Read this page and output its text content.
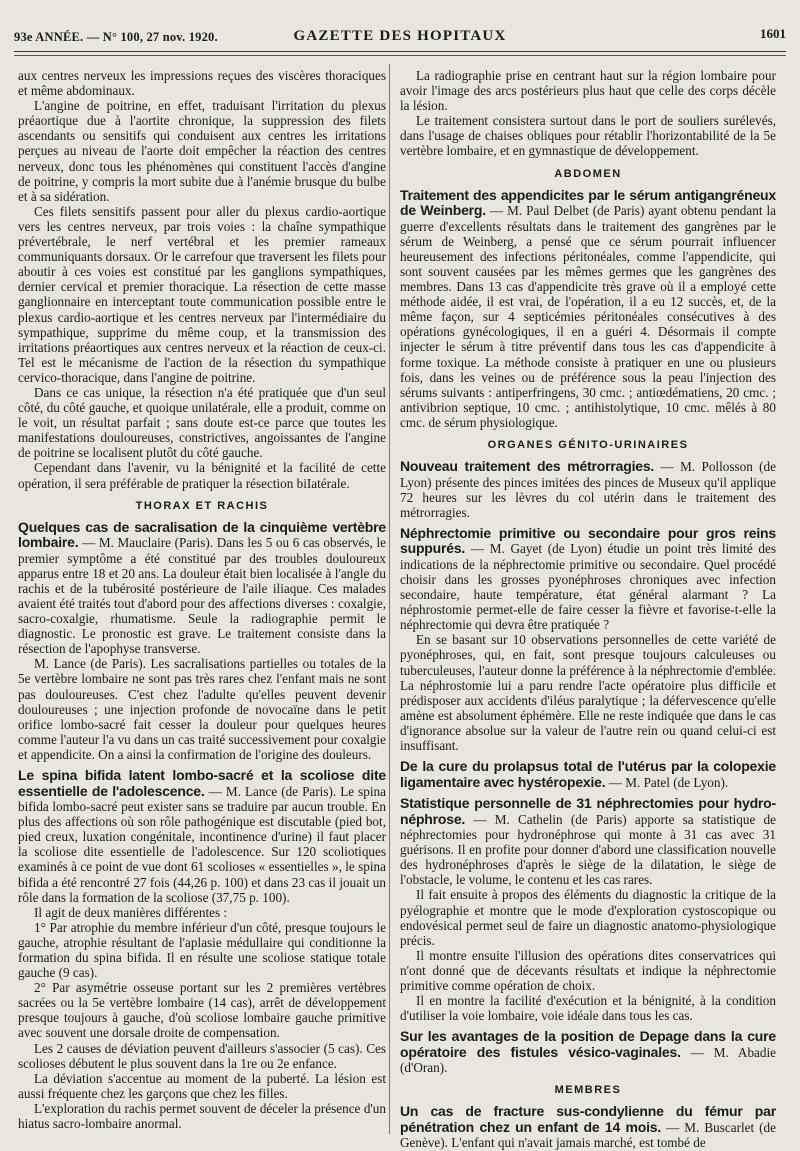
93e ANNÉE. — N° 100, 27 nov. 1920.	GAZETTE DES HOPITAUX	1601

aux centres nerveux les impressions reçues des viscères thoraciques et même abdominaux.

L'angine de poitrine, en effet, traduisant l'irritation du plexus préaortique due à l'aortite chronique, la suppression des filets ascendants ou sensitifs qui conduisent aux centres les irritations perçues au niveau de l'aorte doit empêcher la réaction des centres nerveux, donc tous les phénomènes qui constituent l'accès d'angine de poitrine, y compris la mort subite due à l'anémie brusque du bulbe et à sa sidération.

Ces filets sensitifs passent pour aller du plexus cardio-aortique vers les centres nerveux, par trois voies : la chaîne sympathique prévertébrale, le nerf vertébral et les premier rameaux communiquants dorsaux. Or le carrefour que traversent les filets pour aboutir à ces voies est constitué par les ganglions sympathiques, dernier cervical et premier thoracique. La résection de cette masse ganglionnaire en interceptant toute communication possible entre le plexus cardio-aortique et les centres nerveux par l'intermédiaire du sympathique, supprime du même coup, et la transmission des irritations préaortiques aux centres nerveux et la réaction de ceux-ci. Tel est le mécanisme de l'action de la résection du sympathique cervico-thoracique, dans l'angine de poitrine.

Dans ce cas unique, la résection n'a été pratiquée que d'un seul côté, du côté gauche, et quoique unilatérale, elle a produit, comme on le voit, un résultat parfait ; sans doute est-ce parce que toutes les manifestations douloureuses, constrictives, angoissantes de l'angine de poitrine se localisent plutôt du côté gauche.

Cependant dans l'avenir, vu la bénignité et la facilité de cette opération, il sera préférable de pratiquer la résection biIatérale.

THORAX ET RACHIS

Quelques cas de sacralisation de la cinquième vertèbre lombaire. — M. Mauclaire (Paris). Dans les 5 ou 6 cas observés, le premier symptôme a été constitué par des troubles douloureux apparus entre 18 et 20 ans. La douleur était bien localisée à l'angle du rachis et de la tubérosité postérieure de l'aile iliaque. Ces malades avaient été traités tout d'abord pour des affections diverses : coxalgie, sacro-coxalgie, rhumatisme. Seule la radiographie permit le diagnostic. Le pronostic est grave. Le traitement consiste dans la résection de l'apophyse transverse.

M. Lance (de Paris). Les sacralisations partielles ou totales de la 5e vertèbre lombaire ne sont pas très rares chez l'enfant mais ne sont pas douloureuses. C'est chez l'adulte qu'elles peuvent devenir douloureuses ; une injection profonde de novocaïne dans le petit orifice lombo-sacré fait cesser la douleur pour quelques heures comme l'auteur l'a vu dans un cas traité successivement pour coxalgie et appendicite. On a ainsi la confirmation de l'origine des douleurs.

Le spina bifida latent lombo-sacré et la scoliose dite essentielle de l'adolescence. — M. Lance (de Paris). Le spina bifida lombo-sacré peut exister sans se traduire par aucun trouble. En plus des affections où son rôle pathogénique est discutable (pied bot, pied creux, luxation congénitale, incontinence d'urine) il faut placer la scoliose dite essentielle de l'adolescence. Sur 120 scoliotiques examinés à ce point de vue dont 61 scolioses « essentielles », le spina bifida a été rencontré 27 fois (44,26 p. 100) et dans 23 cas il jouait un rôle dans la formation de la scoliose (37,75 p. 100).

Il agit de deux manières différentes :

1° Par atrophie du membre inférieur d'un côté, presque toujours le gauche, atrophie résultant de l'aplasie médullaire qui conditionne la formation du spina bifida. Il en résulte une scoliose statique totale gauche (9 cas).

2° Par asymétrie osseuse portant sur les 2 premières vertèbres sacrées ou la 5e vertèbre lombaire (14 cas), arrêt de développement presque toujours à gauche, d'où scoliose lombaire gauche primitive avec souvent une dorsale droite de compensation.

Les 2 causes de déviation peuvent d'ailleurs s'associer (5 cas). Ces scolioses débutent le plus souvent dans la 1re ou 2e enfance.

La déviation s'accentue au moment de la puberté. La lésion est aussi fréquente chez les garçons que chez les filles.

L'exploration du rachis permet souvent de déceler la présence d'un hiatus sacro-lombaire anormal.

La radiographie prise en centrant haut sur la région lombaire pour avoir l'image des arcs postérieurs plus haut que celle des corps décèle la lésion.

Le traitement consistera surtout dans le port de souliers surélevés, dans l'usage de chaises obliques pour rétablir l'horizontabilité de la 5e vertèbre lombaire, et en gymnastique de développement.

ABDOMEN

Traitement des appendicites par le sérum antigangréneux de Weinberg. — M. Paul Delbet (de Paris) ayant obtenu pendant la guerre d'excellents résultats dans le traitement des gangrènes par le sérum de Weinberg, a pensé que ce sérum pourrait influencer heureusement des infections péritonéales, comme l'appendicite, qui sont souvent causées par les mêmes germes que les gangrènes des membres. Dans 13 cas d'appendicite très grave où il a employé cette méthode aidée, il est vrai, de l'opération, il a eu 12 succès, et, de la même façon, sur 4 septicémies péritonéales consécutives à des opérations gynécologiques, il en a guéri 4. Désormais il compte injecter le sérum à titre préventif dans tous les cas d'appendicite à forme toxique. La méthode consiste à pratiquer en une ou plusieurs fois, dans les veines ou de préférence sous la peau l'injection des sérums suivants : antiperfringens, 30 cmc. ; antiœdématiens, 20 cmc. ; antivibrion septique, 10 cmc. ; antihistolytique, 10 cmc. mêlés à 80 cmc. de sérum physiologique.

ORGANES GÉNITO-URINAIRES

Nouveau traitement des métrorragies. — M. Pollosson (de Lyon) présente des pinces imitées des pinces de Museux qu'il applique 72 heures sur les lèvres du col utérin dans le traitement des métrorragies.

Néphrectomie primitive ou secondaire pour gros reins suppurés. — M. Gayet (de Lyon) étudie un point très limité des indications de la néphrectomie primitive ou secondaire. Quel procédé choisir dans les grosses pyonéphroses chroniques avec infection secondaire, haute température, état général alarmant ? La néphrostomie permet-elle de faire cesser la fièvre et favorise-t-elle la néphrectomie qui devra être pratiquée ?

En se basant sur 10 observations personnelles de cette variété de pyonéphroses, qui, en fait, sont presque toujours calculeuses ou tuberculeuses, l'auteur donne la préférence à la néphrectomie d'emblée. La néphrostomie lui a paru rendre l'acte opératoire plus difficile et prédisposer aux accidents d'iléus paralytique ; la défervescence qu'elle amène est absolument éphémère. Elle ne reste indiquée que dans le cas d'ignorance absolue sur la valeur de l'autre rein ou quand celui-ci est insuffisant.

De la cure du prolapsus total de l'utérus par la colopexie ligamentaire avec hystéropexie. — M. Patel (de Lyon).

Statistique personnelle de 31 néphrectomies pour hydro-néphrose. — M. Cathelin (de Paris) apporte sa statistique de néphrectomies pour hydronéphrose qui monte à 31 cas avec 31 guérisons. Il en profite pour donner d'abord une classification nouvelle des hydronéphroses d'après le siège de la dilatation, le siège de l'obstacle, le volume, le contenu et les cas rares.

Il fait ensuite à propos des éléments du diagnostic la critique de la pyélographie et montre que le mode d'exploration cystoscopique ou endovésical permet seul de faire un diagnostic anatomo-physiologique précis.

Il montre ensuite l'illusion des opérations dites conservatrices qui n'ont donné que de décevants résultats et indique la néphrectomie primitive comme opération de choix.

Il en montre la facilité d'exécution et la bénignité, à la condition d'utiliser la voie lombaire, voie idéale dans tous les cas.

Sur les avantages de la position de Depage dans la cure opératoire des fistules vésico-vaginales. — M. Abadie (d'Oran).

MEMBRES

Un cas de fracture sus-condylienne du fémur par pénétration chez un enfant de 14 mois. — M. Buscarlet (de Genève). L'enfant qui n'avait jamais marché, est tombé de
